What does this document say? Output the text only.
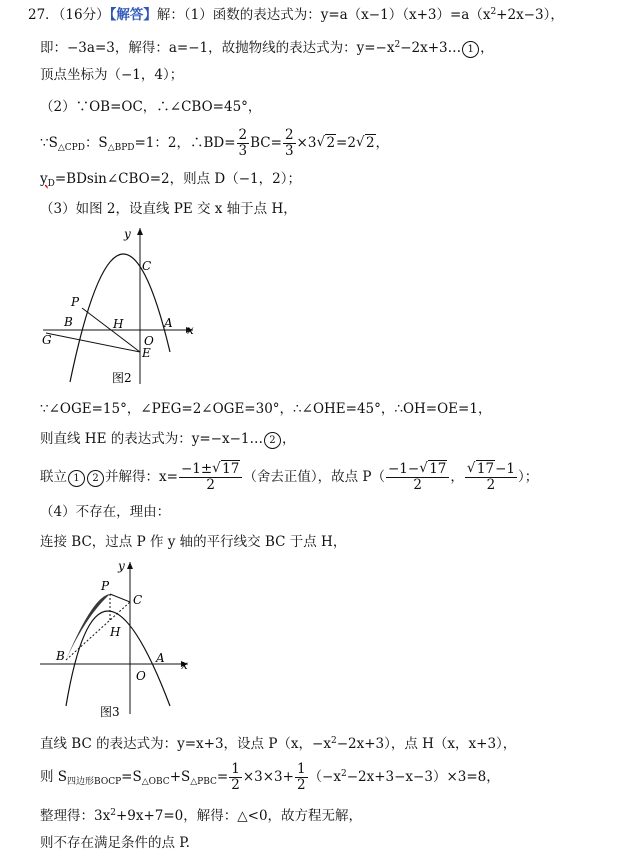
27．（16分）【解答】解：（1）函数的表达式为：$y=a(x-1)(x+3)=a(x^2+2x-3)$，
即：−3a=3，解得：a=−1，故抛物线的表达式为：$y=-x^2-2x+3\dots$ 1 ，
顶点坐标为（−1，4）；
（2）∵OB=OC，∴∠CBO=45°，
$\because S_{\triangle CPD}$：$S_{\triangle BPD}=1$：2，∴BD= $\frac{2}{3} BC= \frac{2}{3} \times 3√$ 2=2√ 2，
$y_D=BDsin\angle CBO=2$，则点 D（−1，2）；
（3）如图 2，设直线 PE 交 x 轴于点 H，
y
C
P
B	H	A x
G	O
E
图2
∵∠OGE=15°，∠PEG=2∠OGE=30°，∴∠OHE=45°，∴OH=OE=1，
则直线 HE 的表达式为：y=−x−1… 2 ，
联立 1 2 并解得：$x= \frac{-1\pm√ 17}{2}$ （舍去正值），故点 $P( \frac{-1-√ 17}{2}$ ，
√ $\frac{17-1}{2}$ ）；
（4）不存在，理由：
连接 BC，过点 P 作 y 轴的平行线交 BC 于点 H，
y
P
C
H
B	A x
O
图3
直线 BC 的表达式为：y=x+3，设点 P（x，$-x^2-2x+3$），点 H（x，x+3），
则 $S_{四边形BOCP}=S_{\triangle OBC}+S_{\triangle PBC}= \frac{1}{2} \times 3\times 3+ \frac{1}{2} (-x^2-2x+3-x-3)\times 3=8$，
整理得：$3x^2+9x+7=0$，解得：△<0，故方程无解，
则不存在满足条件的点 P.
